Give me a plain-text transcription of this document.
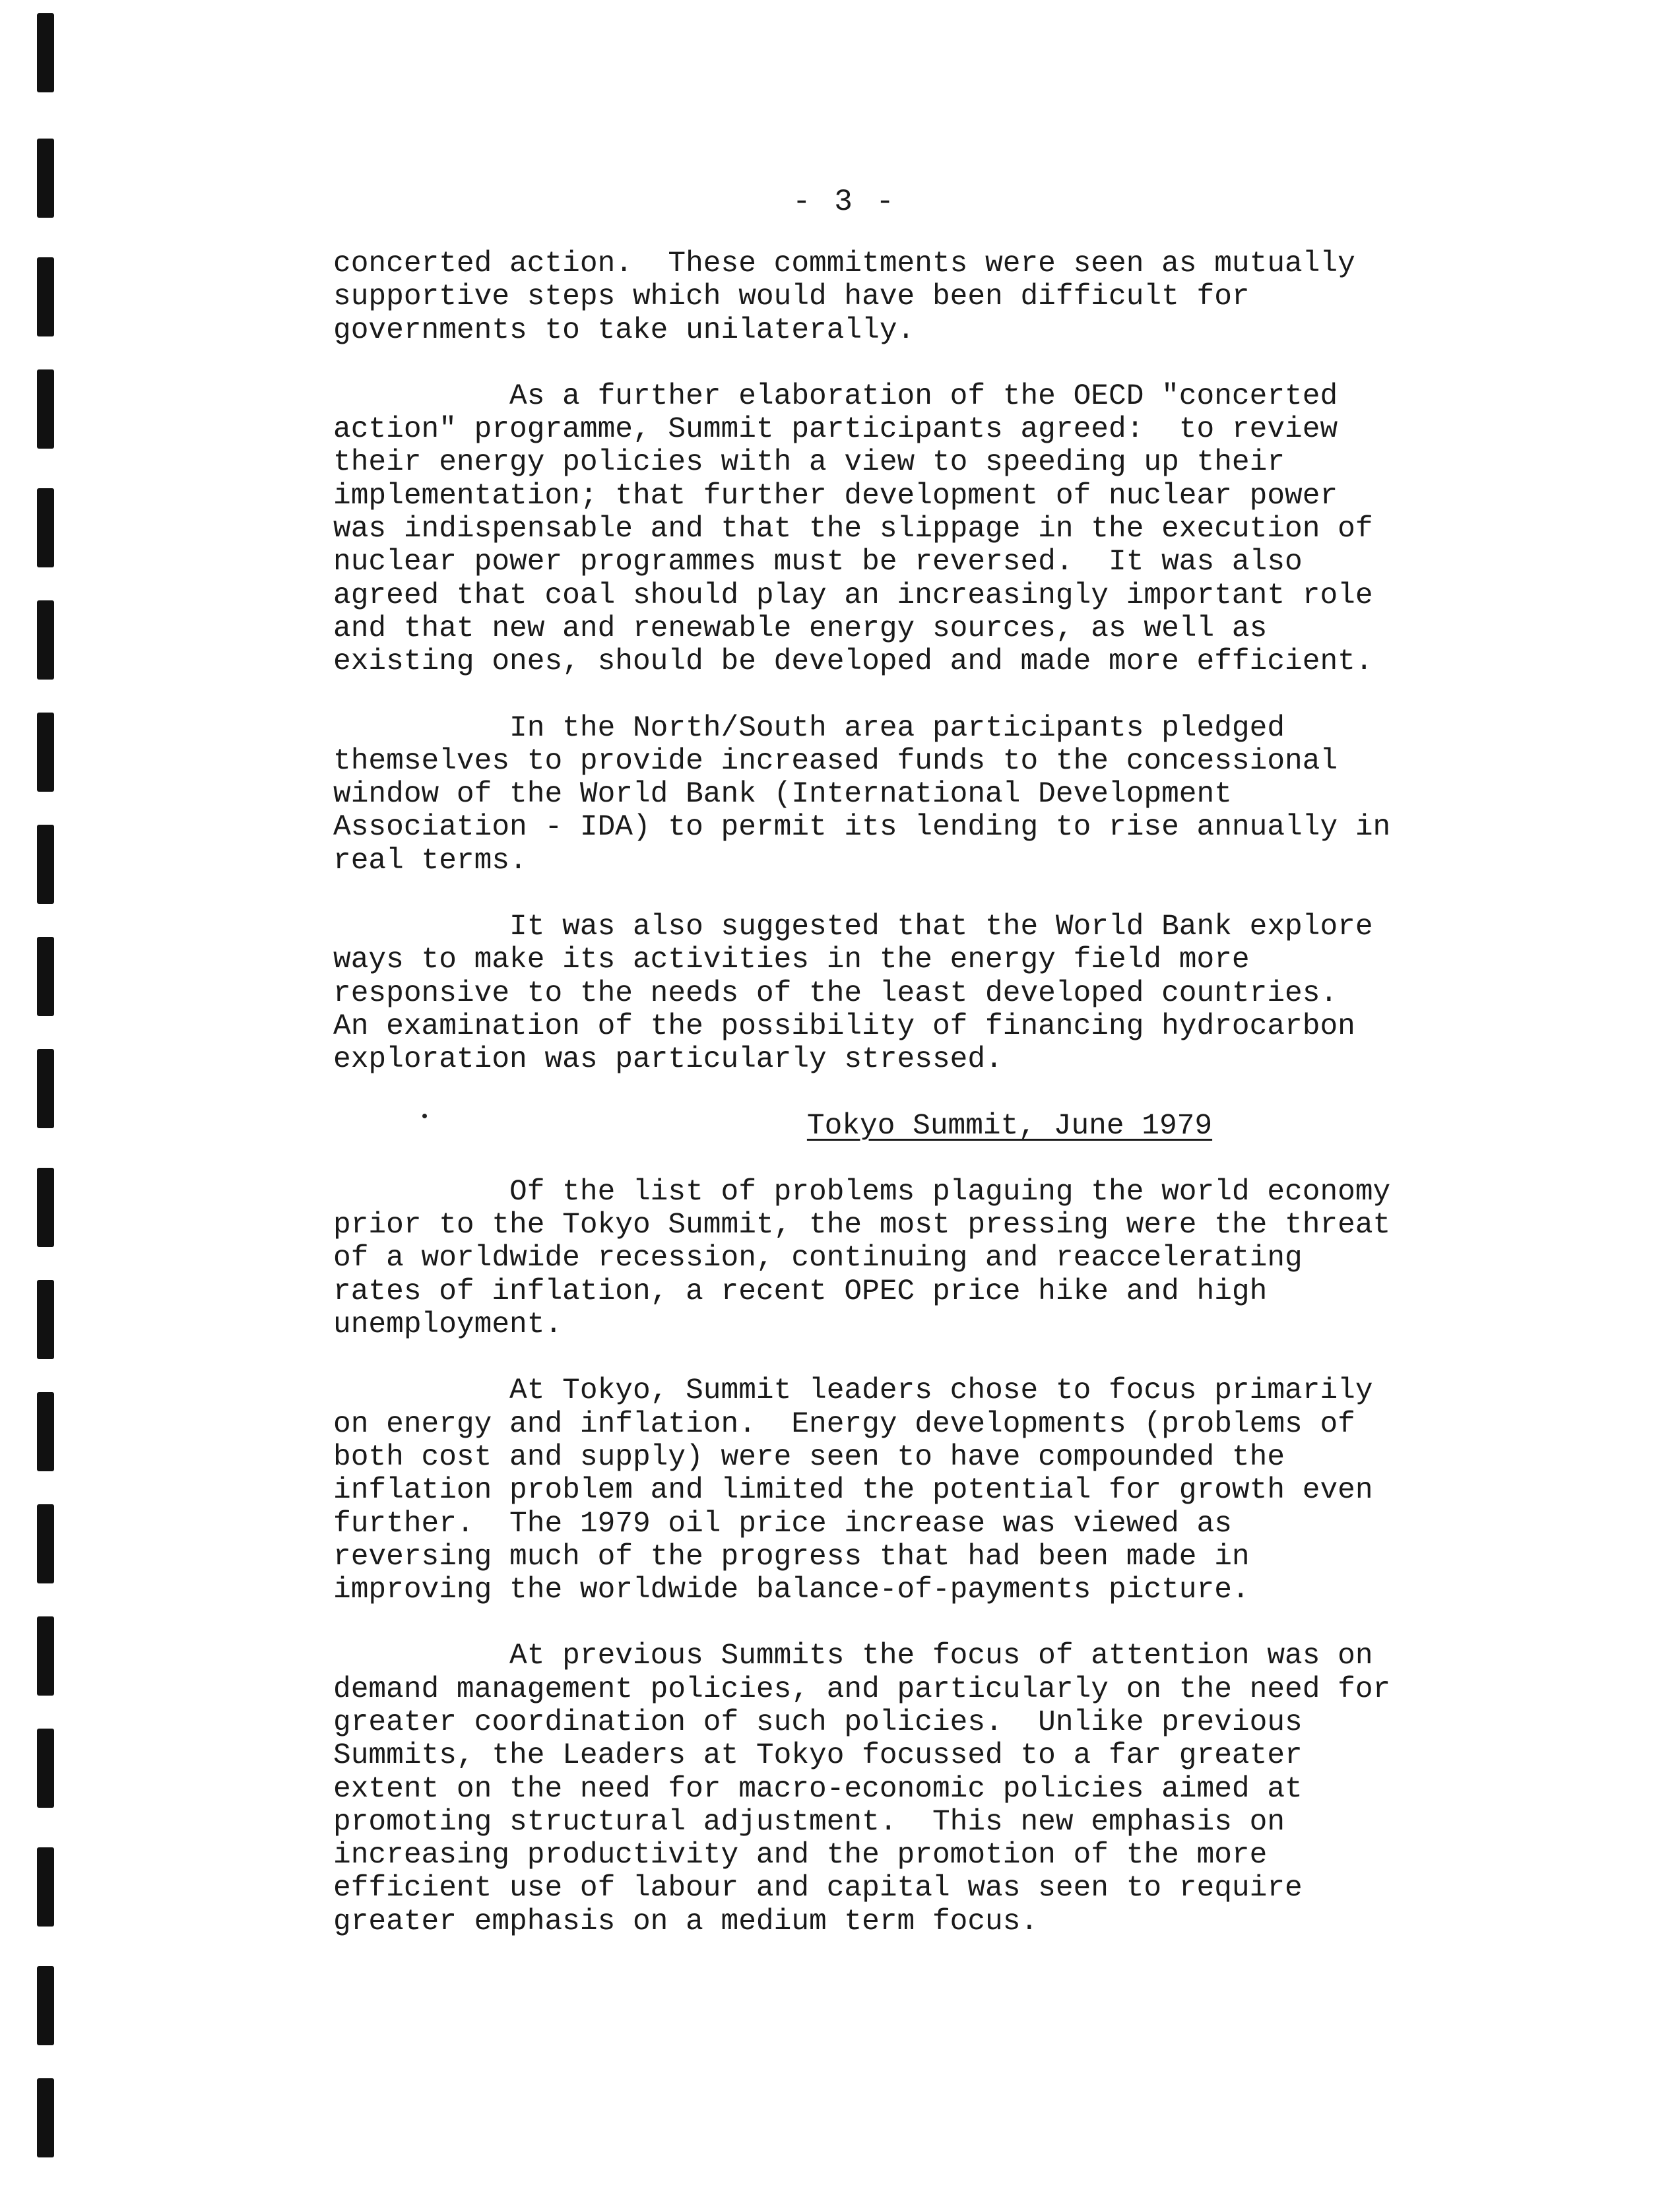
- 3 -

concerted action.  These commitments were seen as mutually
supportive steps which would have been difficult for
governments to take unilaterally.

As a further elaboration of the OECD "concerted
action" programme, Summit participants agreed:  to review
their energy policies with a view to speeding up their
implementation; that further development of nuclear power
was indispensable and that the slippage in the execution of
nuclear power programmes must be reversed.  It was also
agreed that coal should play an increasingly important role
and that new and renewable energy sources, as well as
existing ones, should be developed and made more efficient.

In the North/South area participants pledged
themselves to provide increased funds to the concessional
window of the World Bank (International Development
Association - IDA) to permit its lending to rise annually in
real terms.

It was also suggested that the World Bank explore
ways to make its activities in the energy field more
responsive to the needs of the least developed countries.
An examination of the possibility of financing hydrocarbon
exploration was particularly stressed.

Tokyo Summit, June 1979

Of the list of problems plaguing the world economy
prior to the Tokyo Summit, the most pressing were the threat
of a worldwide recession, continuing and reaccelerating
rates of inflation, a recent OPEC price hike and high
unemployment.

At Tokyo, Summit leaders chose to focus primarily
on energy and inflation.  Energy developments (problems of
both cost and supply) were seen to have compounded the
inflation problem and limited the potential for growth even
further.  The 1979 oil price increase was viewed as
reversing much of the progress that had been made in
improving the worldwide balance-of-payments picture.

At previous Summits the focus of attention was on
demand management policies, and particularly on the need for
greater coordination of such policies.  Unlike previous
Summits, the Leaders at Tokyo focussed to a far greater
extent on the need for macro-economic policies aimed at
promoting structural adjustment.  This new emphasis on
increasing productivity and the promotion of the more
efficient use of labour and capital was seen to require
greater emphasis on a medium term focus.
